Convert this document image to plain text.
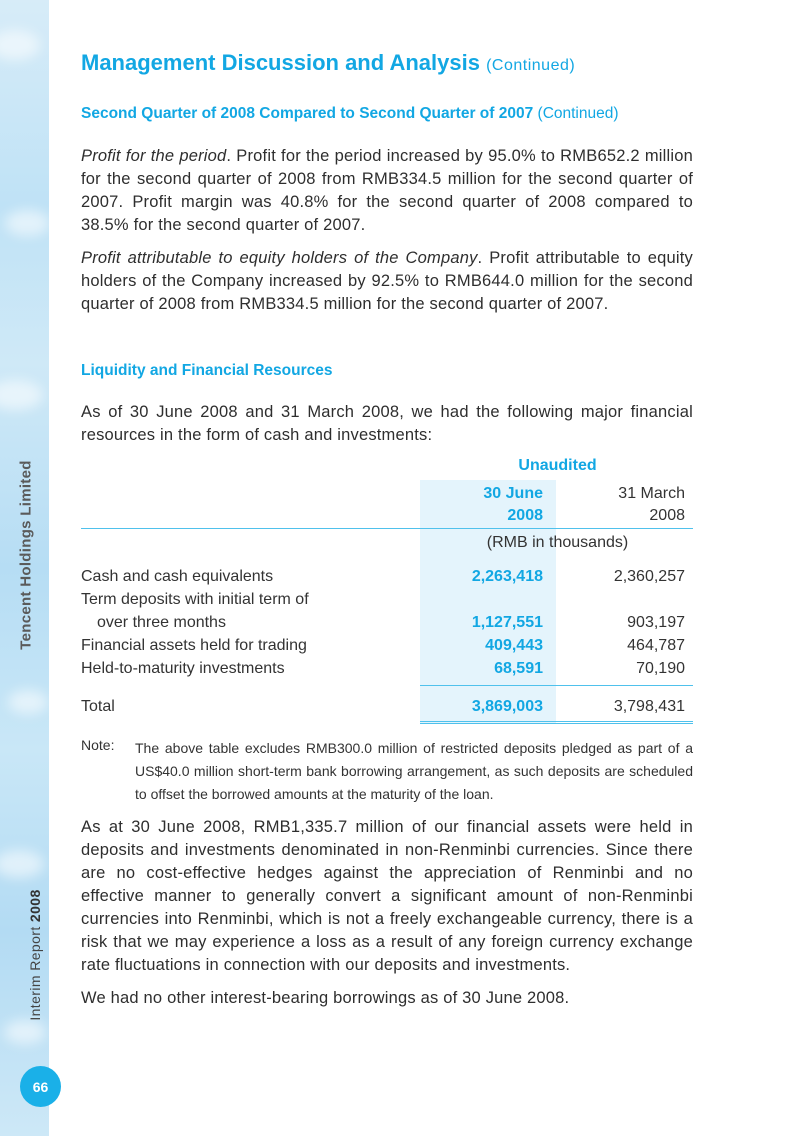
Tencent Holdings Limited
Interim Report 2008
66
Management Discussion and Analysis (Continued)
Second Quarter of 2008 Compared to Second Quarter of 2007 (Continued)
Profit for the period. Profit for the period increased by 95.0% to RMB652.2 million for the second quarter of 2008 from RMB334.5 million for the second quarter of 2007. Profit margin was 40.8% for the second quarter of 2008 compared to 38.5% for the second quarter of 2007.
Profit attributable to equity holders of the Company. Profit attributable to equity holders of the Company increased by 92.5% to RMB644.0 million for the second quarter of 2008 from RMB334.5 million for the second quarter of 2007.
Liquidity and Financial Resources
As of 30 June 2008 and 31 March 2008, we had the following major financial resources in the form of cash and investments:
Unaudited
30 June
2008
31 March
2008
(RMB in thousands)
Cash and cash equivalents	2,263,418	2,360,257
Term deposits with initial term of
over three months	1,127,551	903,197
Financial assets held for trading	409,443	464,787
Held-to-maturity investments	68,591	70,190
Total	3,869,003	3,798,431
Note: The above table excludes RMB300.0 million of restricted deposits pledged as part of a US$40.0 million short-term bank borrowing arrangement, as such deposits are scheduled to offset the borrowed amounts at the maturity of the loan.
As at 30 June 2008, RMB1,335.7 million of our financial assets were held in deposits and investments denominated in non-Renminbi currencies. Since there are no cost-effective hedges against the appreciation of Renminbi and no effective manner to generally convert a significant amount of non-Renminbi currencies into Renminbi, which is not a freely exchangeable currency, there is a risk that we may experience a loss as a result of any foreign currency exchange rate fluctuations in connection with our deposits and investments.
We had no other interest-bearing borrowings as of 30 June 2008.
